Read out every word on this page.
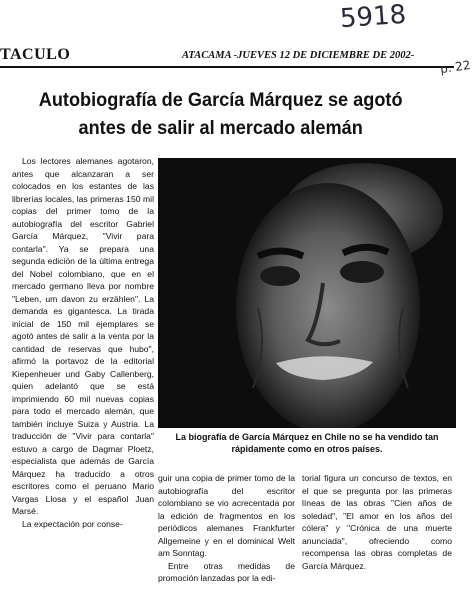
TACULO	ATACAMA -JUEVES 12 DE DICIEMBRE DE 2002-
5918
p. 22
Autobiografía de García Márquez se agotó antes de salir al mercado alemán

Los lectores alemanes agotaron, antes que alcanzaran a ser colocados en los estantes de las librerías locales, las primeras 150 mil copias del primer tomo de la autobiografía del escritor Gabriel García Márquez, "Vivir para contarla". Ya se prepara una segunda edición de la última entrega del Nobel colombiano, que en el mercado germano lleva por nombre "Leben, um davon zu erzählen". La demanda es gigantesca. La tirada inicial de 150 mil ejemplares se agotó antes de salir a la venta por la cantidad de reservas que hubo", afirmó la portavoz de la editorial Kiepenheuer und Gaby Callenberg, quien adelantó que se está imprimiendo 60 mil nuevas copias para todo el mercado alemán, que también incluye Suiza y Austria. La traducción de "Vivir para contarla" estuvo a cargo de Dagmar Ploetz, especialista que además de García Márquez ha traducido a otros escritores como el peruano Mario Vargas Llosa y el español Juan Marsé.

La expectación por conse-

La biografía de García Márquez en Chile no se ha vendido tan rápidamente como en otros países.

guir una copia de primer tomo de la autobiografía del escritor colombiano se vio acrecentada por la edición de fragmentos en los periódicos alemanes Frankfurter Allgemeine y en el dominical Welt am Sonntag.

Entre otras medidas de promoción lanzadas por la edi-

torial figura un concurso de textos, en el que se pregunta por las primeras líneas de las obras "Cien años de soledad", "El amor en los años del cólera" y "Crónica de una muerte anunciada", ofreciendo como recompensa las obras completas de García Márquez.
